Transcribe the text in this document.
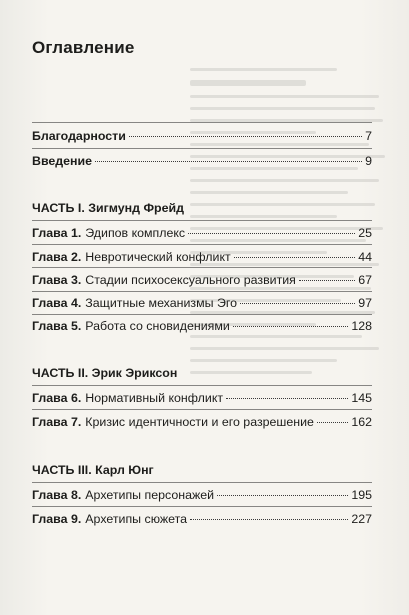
Оглавление
Благодарности	7
Введение	9
ЧАСТЬ I. Зигмунд Фрейд
Глава 1. Эдипов комплекс	25
Глава 2. Невротический конфликт	44
Глава 3. Стадии психосексуального развития	67
Глава 4. Защитные механизмы Эго	97
Глава 5. Работа со сновидениями	128
ЧАСТЬ II. Эрик Эриксон
Глава 6. Нормативный конфликт	145
Глава 7. Кризис идентичности и его разрешение	162
ЧАСТЬ III. Карл Юнг
Глава 8. Архетипы персонажей	195
Глава 9. Архетипы сюжета	227
